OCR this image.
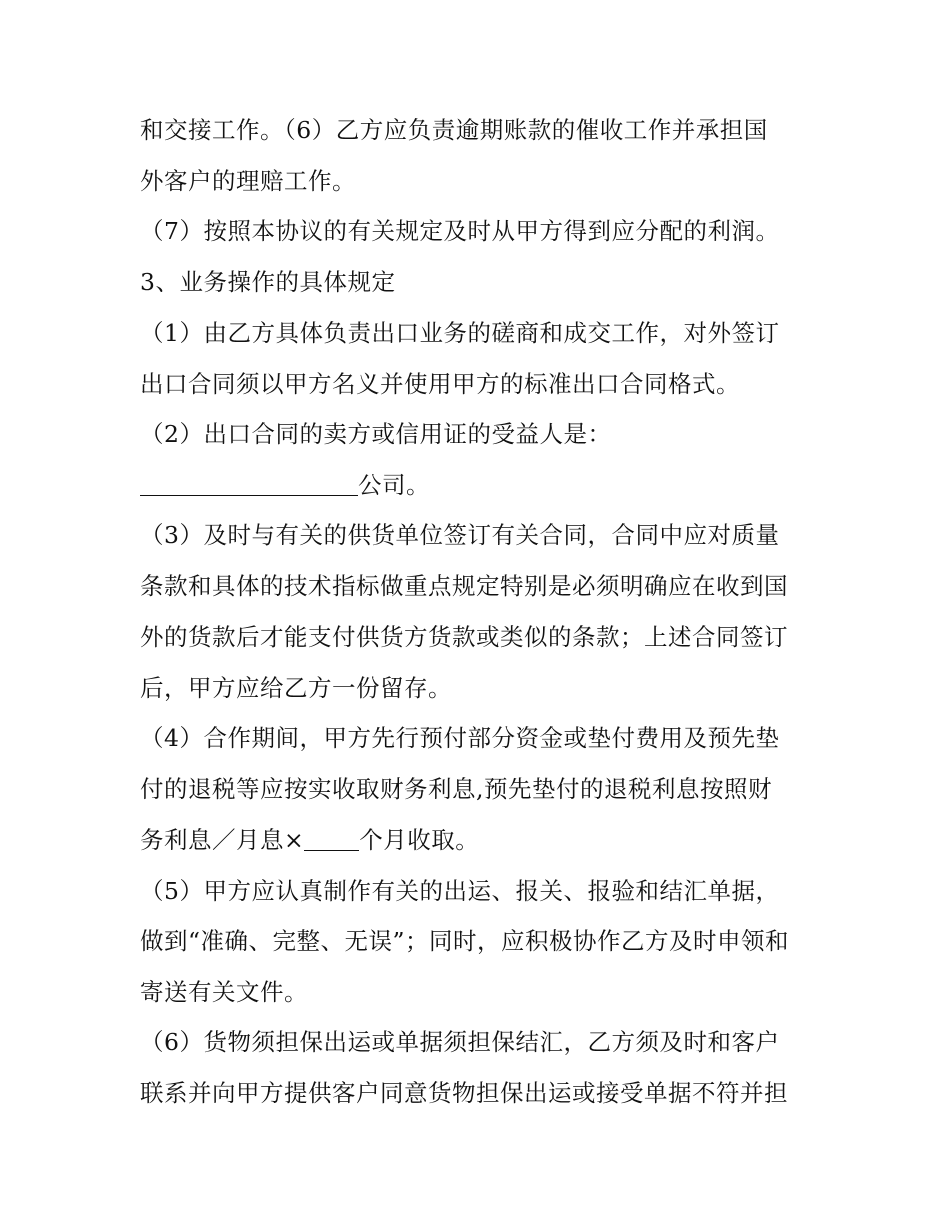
和交接工作。（6）乙方应负责逾期账款的催收工作并承担国
外客户的理赔工作。
（7）按照本协议的有关规定及时从甲方得到应分配的利润。
3、业务操作的具体规定
（1）由乙方具体负责出口业务的磋商和成交工作，对外签订
出口合同须以甲方名义并使用甲方的标准出口合同格式。
（2）出口合同的卖方或信用证的受益人是：
公司。
（3）及时与有关的供货单位签订有关合同，合同中应对质量
条款和具体的技术指标做重点规定特别是必须明确应在收到国
外的货款后才能支付供货方货款或类似的条款；上述合同签订
后，甲方应给乙方一份留存。
（4）合作期间，甲方先行预付部分资金或垫付费用及预先垫
付的退税等应按实收取财务利息,预先垫付的退税利息按照财
务利息／月息× 个月收取。
（5）甲方应认真制作有关的出运、报关、报验和结汇单据，
做到“准确、完整、无误”；同时，应积极协作乙方及时申领和
寄送有关文件。
（6）货物须担保出运或单据须担保结汇，乙方须及时和客户
联系并向甲方提供客户同意货物担保出运或接受单据不符并担
